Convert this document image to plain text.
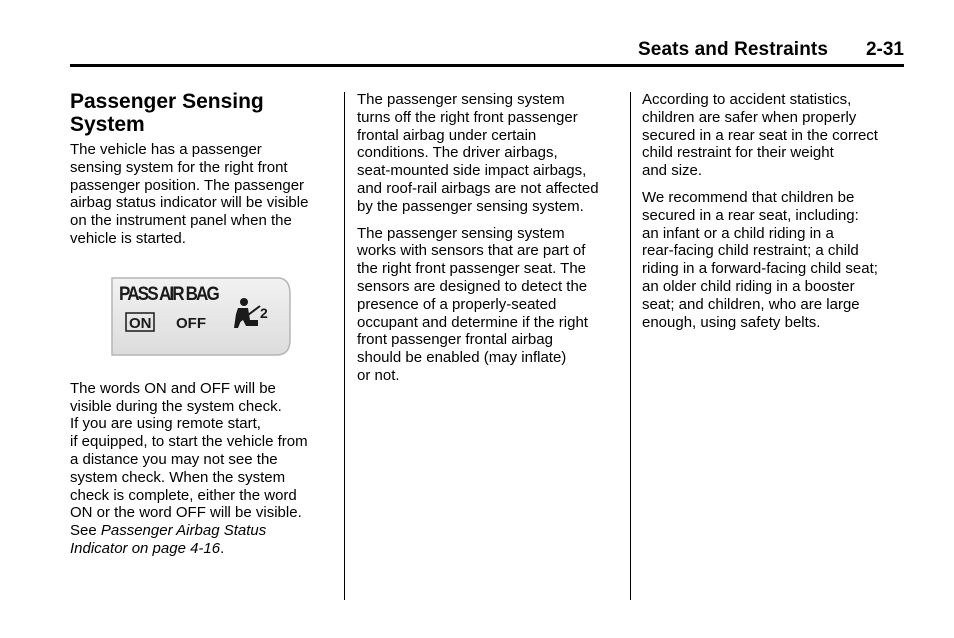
Seats and Restraints 2-31
Passenger Sensing
System

The vehicle has a passenger
sensing system for the right front
passenger position. The passenger
airbag status indicator will be visible
on the instrument panel when the
vehicle is started.

PASS AIR BAG
ON OFF
2

The words ON and OFF will be
visible during the system check.
If you are using remote start,
if equipped, to start the vehicle from
a distance you may not see the
system check. When the system
check is complete, either the word
ON or the word OFF will be visible.
See Passenger Airbag Status
Indicator on page 4-16.

The passenger sensing system
turns off the right front passenger
frontal airbag under certain
conditions. The driver airbags,
seat-mounted side impact airbags,
and roof-rail airbags are not affected
by the passenger sensing system.

The passenger sensing system
works with sensors that are part of
the right front passenger seat. The
sensors are designed to detect the
presence of a properly-seated
occupant and determine if the right
front passenger frontal airbag
should be enabled (may inflate)
or not.

According to accident statistics,
children are safer when properly
secured in a rear seat in the correct
child restraint for their weight
and size.

We recommend that children be
secured in a rear seat, including:
an infant or a child riding in a
rear-facing child restraint; a child
riding in a forward-facing child seat;
an older child riding in a booster
seat; and children, who are large
enough, using safety belts.
